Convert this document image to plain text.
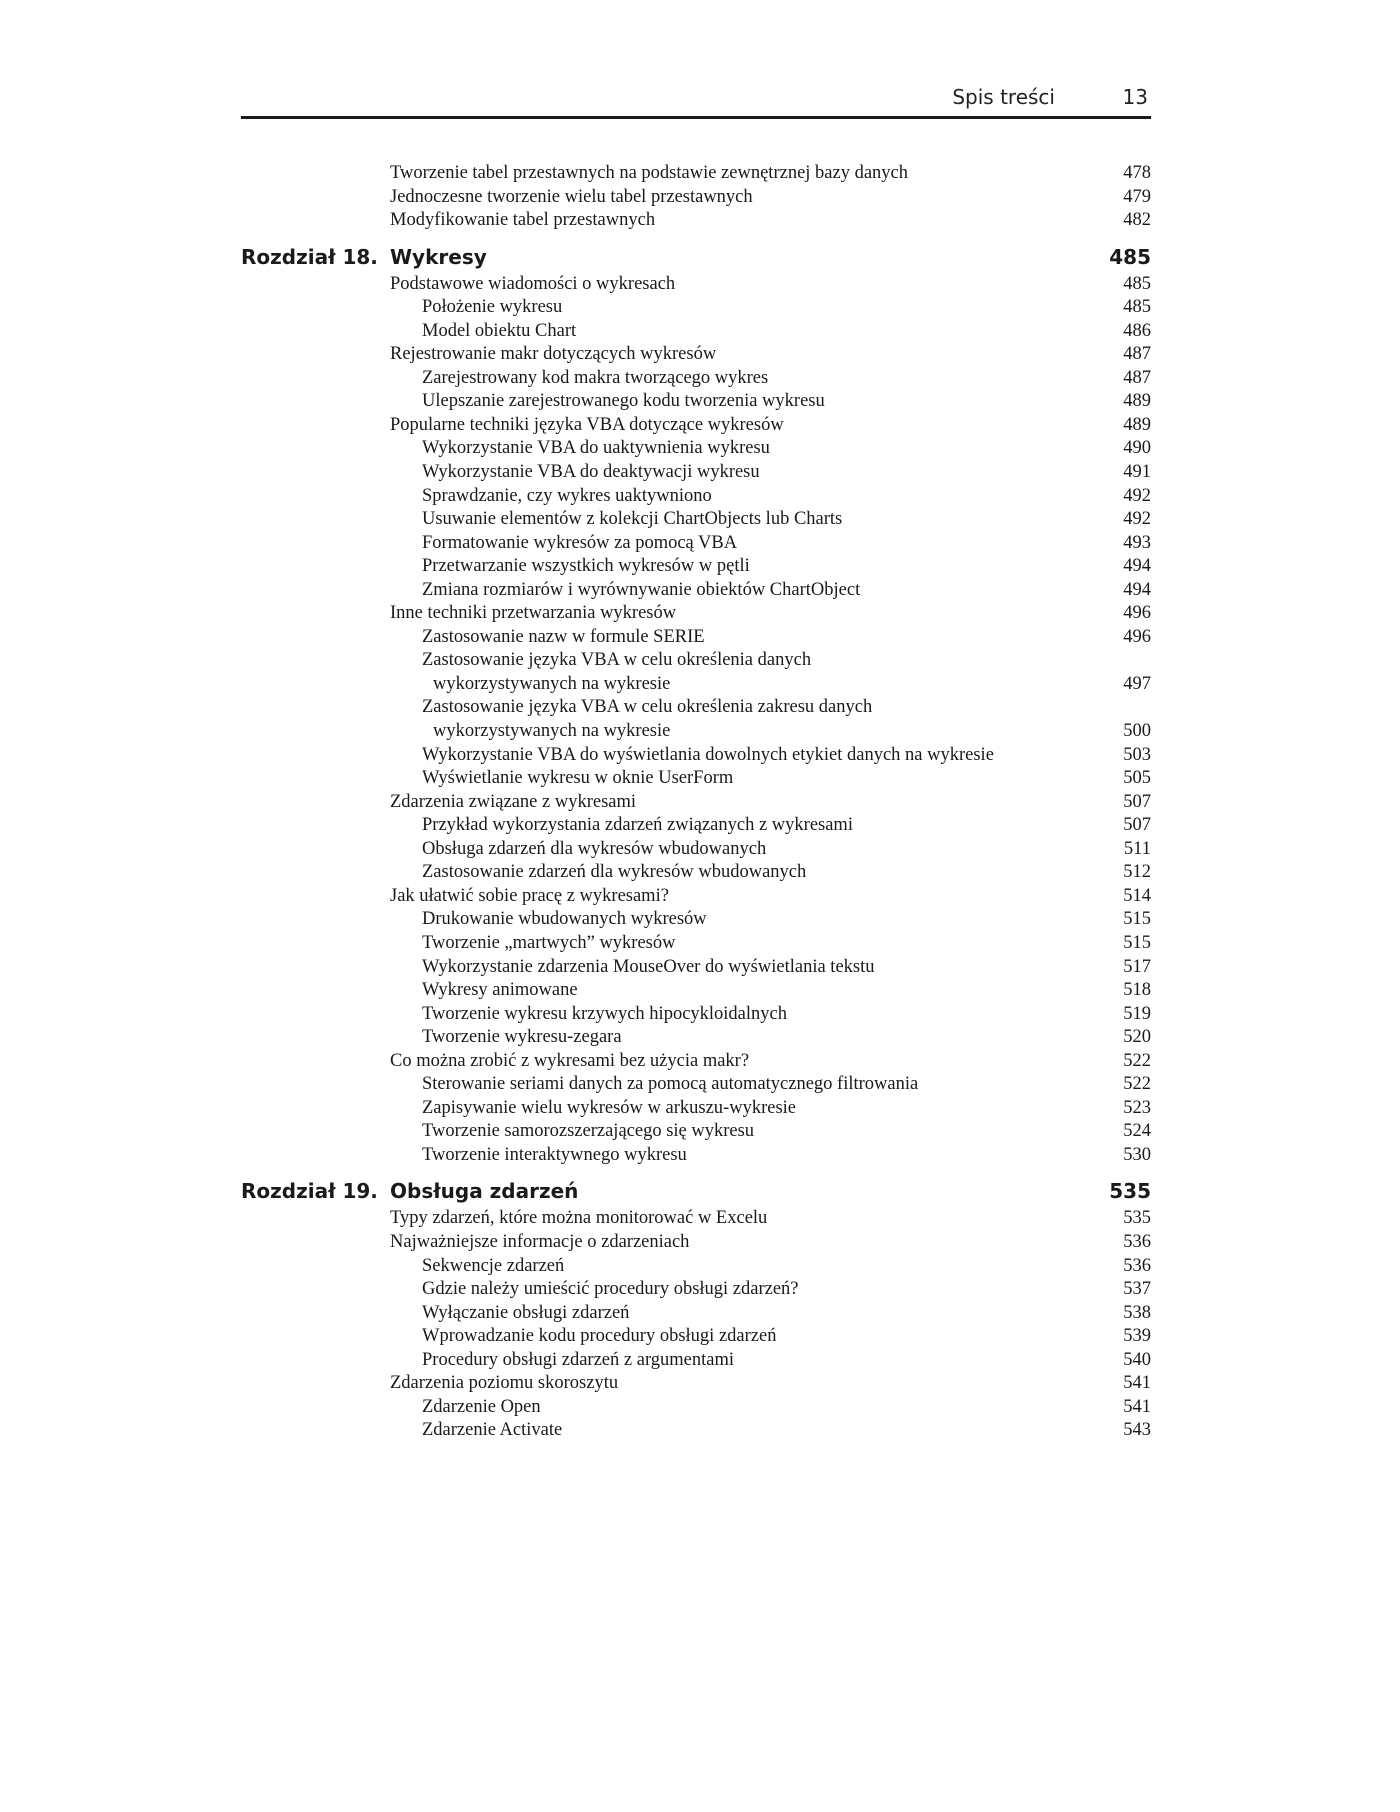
Spis treści	13
Tworzenie tabel przestawnych na podstawie zewnętrznej bazy danych	478
Jednoczesne tworzenie wielu tabel przestawnych	479
Modyfikowanie tabel przestawnych	482
Rozdział 18. Wykresy	485
Podstawowe wiadomości o wykresach	485
Położenie wykresu	485
Model obiektu Chart	486
Rejestrowanie makr dotyczących wykresów	487
Zarejestrowany kod makra tworzącego wykres	487
Ulepszanie zarejestrowanego kodu tworzenia wykresu	489
Popularne techniki języka VBA dotyczące wykresów	489
Wykorzystanie VBA do uaktywnienia wykresu	490
Wykorzystanie VBA do deaktywacji wykresu	491
Sprawdzanie, czy wykres uaktywniono	492
Usuwanie elementów z kolekcji ChartObjects lub Charts	492
Formatowanie wykresów za pomocą VBA	493
Przetwarzanie wszystkich wykresów w pętli	494
Zmiana rozmiarów i wyrównywanie obiektów ChartObject	494
Inne techniki przetwarzania wykresów	496
Zastosowanie nazw w formule SERIE	496
Zastosowanie języka VBA w celu określenia danych
wykorzystywanych na wykresie	497
Zastosowanie języka VBA w celu określenia zakresu danych
wykorzystywanych na wykresie	500
Wykorzystanie VBA do wyświetlania dowolnych etykiet danych na wykresie	503
Wyświetlanie wykresu w oknie UserForm	505
Zdarzenia związane z wykresami	507
Przykład wykorzystania zdarzeń związanych z wykresami	507
Obsługa zdarzeń dla wykresów wbudowanych	511
Zastosowanie zdarzeń dla wykresów wbudowanych	512
Jak ułatwić sobie pracę z wykresami?	514
Drukowanie wbudowanych wykresów	515
Tworzenie „martwych” wykresów	515
Wykorzystanie zdarzenia MouseOver do wyświetlania tekstu	517
Wykresy animowane	518
Tworzenie wykresu krzywych hipocykloidalnych	519
Tworzenie wykresu-zegara	520
Co można zrobić z wykresami bez użycia makr?	522
Sterowanie seriami danych za pomocą automatycznego filtrowania	522
Zapisywanie wielu wykresów w arkuszu-wykresie	523
Tworzenie samorozszerzającego się wykresu	524
Tworzenie interaktywnego wykresu	530
Rozdział 19. Obsługa zdarzeń	535
Typy zdarzeń, które można monitorować w Excelu	535
Najważniejsze informacje o zdarzeniach	536
Sekwencje zdarzeń	536
Gdzie należy umieścić procedury obsługi zdarzeń?	537
Wyłączanie obsługi zdarzeń	538
Wprowadzanie kodu procedury obsługi zdarzeń	539
Procedury obsługi zdarzeń z argumentami	540
Zdarzenia poziomu skoroszytu	541
Zdarzenie Open	541
Zdarzenie Activate	543
